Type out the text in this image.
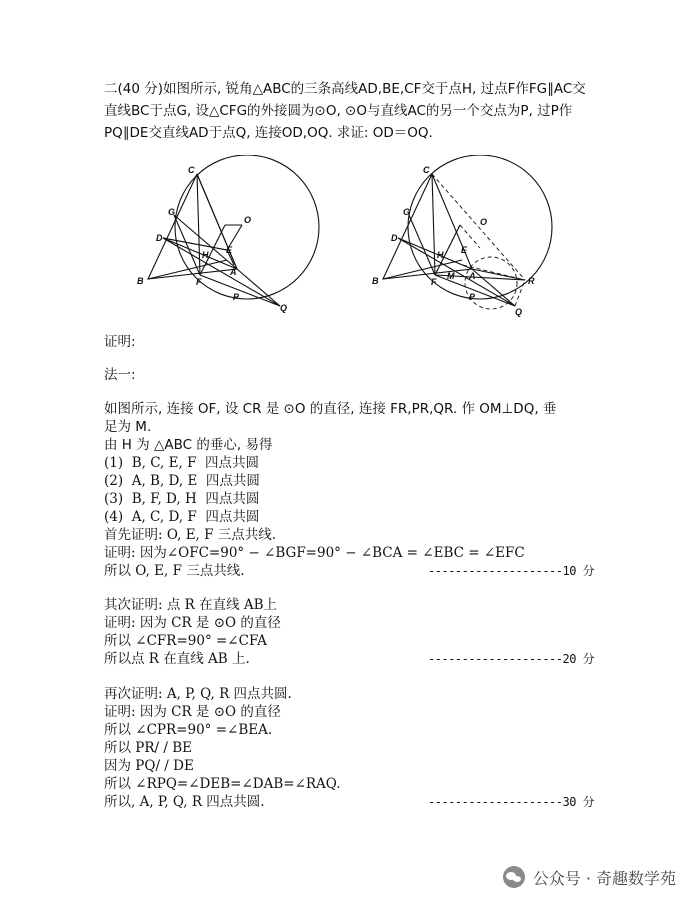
二(40 分)如图所示, 锐角△ABC的三条高线AD,BE,CF交于点H, 过点F作FG∥AC交
直线BC于点G, 设△CFG的外接圆为⊙O, ⊙O与直线AC的另一个交点为P, 过P作
PQ∥DE交直线AD于点Q, 连接OD,OQ. 求证: OD＝OQ.
C
G
O
D
E
H
A
B	F
P
Q
C
G
O
D
E
H
M A
B	F	R
P
Q
证明:
法一:
如图所示, 连接 OF, 设 CR 是 ⊙O 的直径, 连接 FR,PR,QR. 作 OM⊥DQ, 垂
足为 M.
由 H 为 △ABC 的垂心, 易得
(1)  B, C, E, F  四点共圆
(2)  A, B, D, E  四点共圆
(3)  B, F, D, H  四点共圆
(4)  A, C, D, F  四点共圆
首先证明: O, E, F 三点共线.
证明: 因为∠OFC=90° − ∠BGF=90° − ∠BCA = ∠EBC = ∠EFC
所以 O, E, F 三点共线.	--------------------10 分
其次证明: 点 R 在直线 AB上
证明: 因为 CR 是 ⊙O 的直径
所以 ∠CFR=90° =∠CFA
所以点 R 在直线 AB 上.	--------------------20 分
再次证明: A, P, Q, R 四点共圆.
证明: 因为 CR 是 ⊙O 的直径
所以 ∠CPR=90° =∠BEA.
所以 PR/ / BE
因为 PQ/ / DE
所以 ∠RPQ=∠DEB=∠DAB=∠RAQ.
所以, A, P, Q, R 四点共圆.	--------------------30 分
公众号 · 奇趣数学苑
